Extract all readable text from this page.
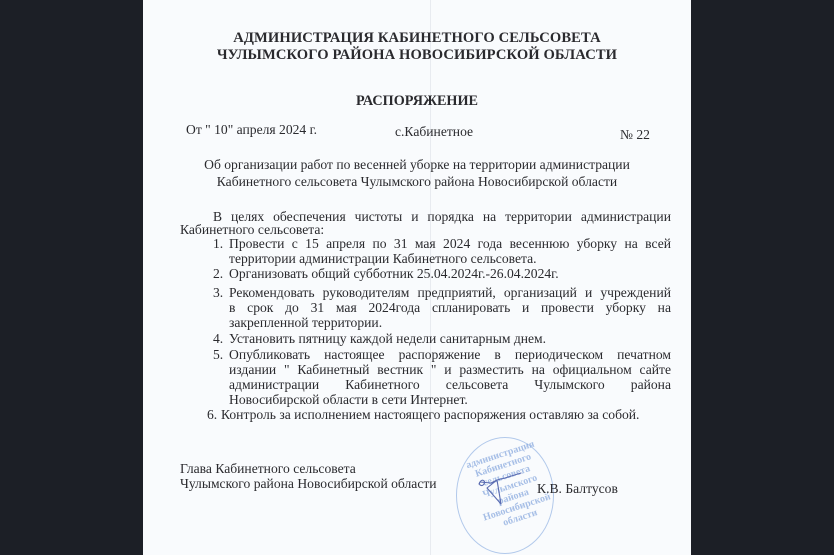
АДМИНИСТРАЦИЯ КАБИНЕТНОГО СЕЛЬСОВЕТА
ЧУЛЫМСКОГО РАЙОНА НОВОСИБИРСКОЙ ОБЛАСТИ
РАСПОРЯЖЕНИЕ
От " 10" апреля 2024 г.	с.Кабинетное	№ 22
Об организации работ по весенней уборке на территории администрации
Кабинетного сельсовета Чулымского района Новосибирской области
В целях обеспечения чистоты и порядка на территории администрации
Кабинетного сельсовета:
1. Провести с 15 апреля по 31 мая 2024 года весеннюю уборку на всей
территории администрации Кабинетного сельсовета.
2. Организовать общий субботник 25.04.2024г.-26.04.2024г.
3. Рекомендовать руководителям предприятий, организаций и учреждений
в срок до 31 мая 2024года спланировать и провести уборку на
закрепленной территории.
4. Установить пятницу каждой недели санитарным днем.
5. Опубликовать настоящее распоряжение в периодическом печатном
издании " Кабинетный вестник " и разместить на официальном сайте
администрации Кабинетного сельсовета Чулымского района
Новосибирской области в сети Интернет.
6. Контроль за исполнением настоящего распоряжения оставляю за собой.
Глава Кабинетного сельсовета
Чулымского района Новосибирской области
администрация Кабинетного сельсовета Чулымского района Новосибирской области
К.В. Балтусов
